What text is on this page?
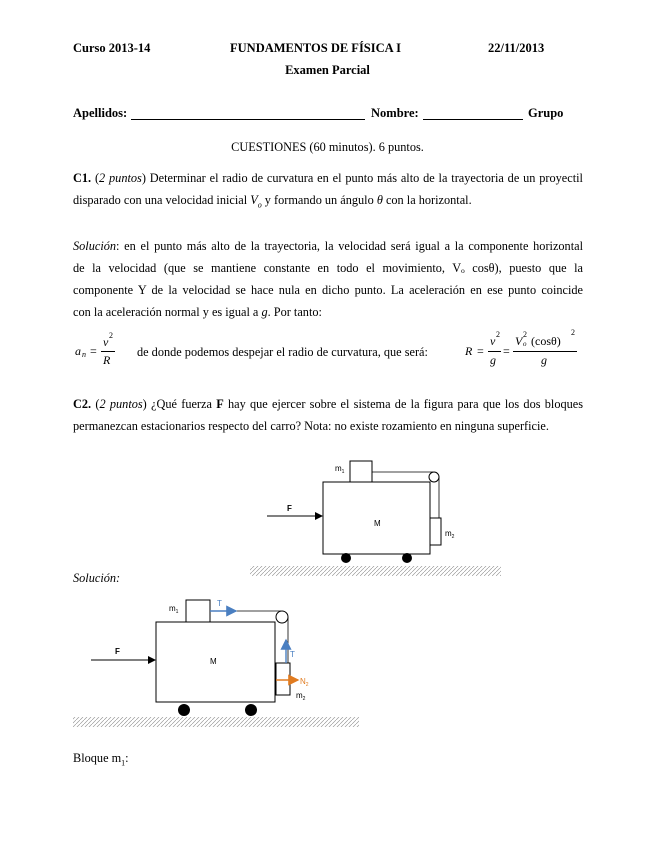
Curso 2013-14	FUNDAMENTOS DE FÍSICA I	22/11/2013
Examen Parcial
Apellidos:	Nombre:	Grupo
CUESTIONES (60 minutos). 6 puntos.
C1. (2 puntos) Determinar el radio de curvatura en el punto más alto de la trayectoria de un proyectil
disparado con una velocidad inicial $V_o$ y formando un ángulo θ con la horizontal.
Solución: en el punto más alto de la trayectoria, la velocidad será igual a la componente horizontal
de la velocidad (que se mantiene constante en todo el movimiento, Vₒ cosθ), puesto que la
componente Y de la velocidad se hace nula en dicho punto. La aceleración en ese punto coincide
con la aceleración normal y es igual a g. Por tanto:
a n =
v 2
R
de donde podemos despejar el radio de curvatura, que será:	R =
v 2
g
=
V o
2 (cosθ)
2
g
C2. (2 puntos) ¿Qué fuerza F hay que ejercer sobre el sistema de la figura para que los dos bloques
permanezcan estacionarios respecto del carro? Nota: no existe rozamiento en ninguna superficie.
F
M
$m_1$
$m_2$
F
M
$m_1$
$m_2$
T
T
$N_2$
Solución:
Bloque $m_1$:
